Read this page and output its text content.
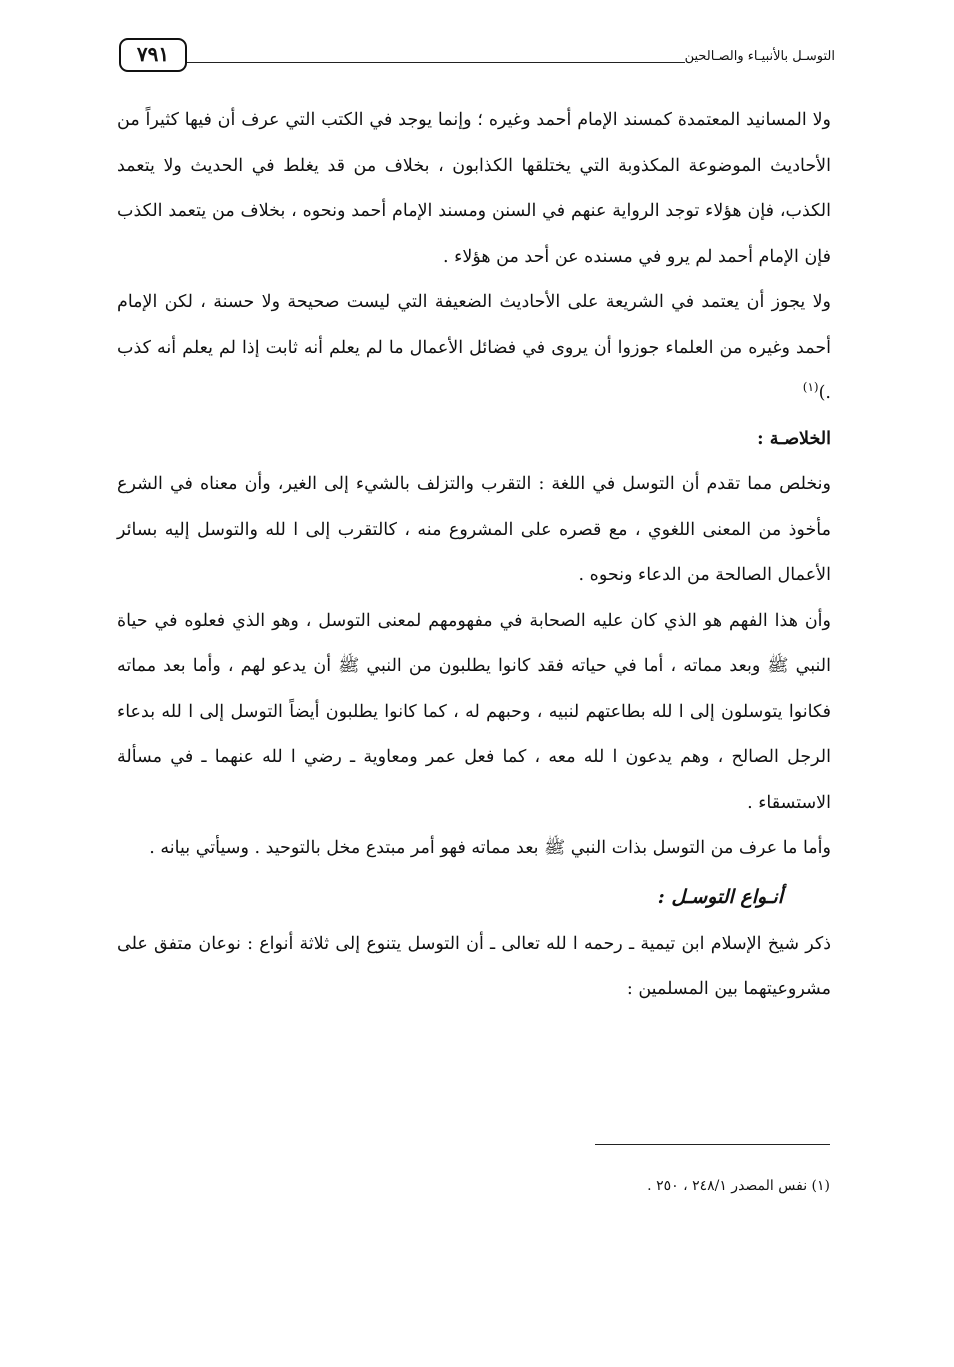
التوسـل بالأنبيـاء والصـالحين
٧٩١

ولا المسانيد المعتمدة كمسند الإمام أحمد وغيره ؛ وإنما يوجد في الكتب التي عرف أن فيها كثيراً من الأحاديث الموضوعة المكذوبة التي يختلقها الكذابون ، بخلاف من قد يغلط في الحديث ولا يتعمد الكذب، فإن هؤلاء توجد الرواية عنهم في السنن ومسند الإمام أحمد ونحوه ، بخلاف من يتعمد الكذب فإن الإمام أحمد لم يرو في مسنده عن أحد من هؤلاء .

ولا يجوز أن يعتمد في الشريعة على الأحاديث الضعيفة التي ليست صحيحة ولا حسنة ، لكن الإمام أحمد وغيره من العلماء جوزوا أن يروى في فضائل الأعمال ما لم يعلم أنه ثابت إذا لم يعلم أنه كذب .)$^{(١)}$

الخلاصـة :

ونخلص مما تقدم أن التوسل في اللغة : التقرب والتزلف بالشيء إلى الغير، وأن معناه في الشرع مأخوذ من المعنى اللغوي ، مع قصره على المشروع منه ، كالتقرب إلى ا لله والتوسل إليه بسائر الأعمال الصالحة من الدعاء ونحوه .

وأن هذا الفهم هو الذي كان عليه الصحابة في مفهومهم لمعنى التوسل ، وهو الذي فعلوه في حياة النبي ﷺ وبعد مماته ، أما في حياته فقد كانوا يطلبون من النبي ﷺ أن يدعو لهم ، وأما بعد مماته فكانوا يتوسلون إلى ا لله بطاعتهم لنبيه ، وحبهم له ، كما كانوا يطلبون أيضاً التوسل إلى ا لله بدعاء الرجل الصالح ، وهم يدعون ا لله معه ، كما فعل عمر ومعاوية ـ رضي ا لله عنهما ـ في مسألة الاستسقاء .

وأما ما عرف من التوسل بذات النبي ﷺ بعد مماته فهو أمر مبتدع مخل بالتوحيد . وسيأتي بيانه .

أنـواع التوسـل :

ذكر شيخ الإسلام ابن تيمية ـ رحمه ا لله تعالى ـ أن التوسل يتنوع إلى ثلاثة أنواع : نوعان متفق على مشروعيتهما بين المسلمين :

(١) نفس المصدر ٢٤٨/١ ، ٢٥٠ .
